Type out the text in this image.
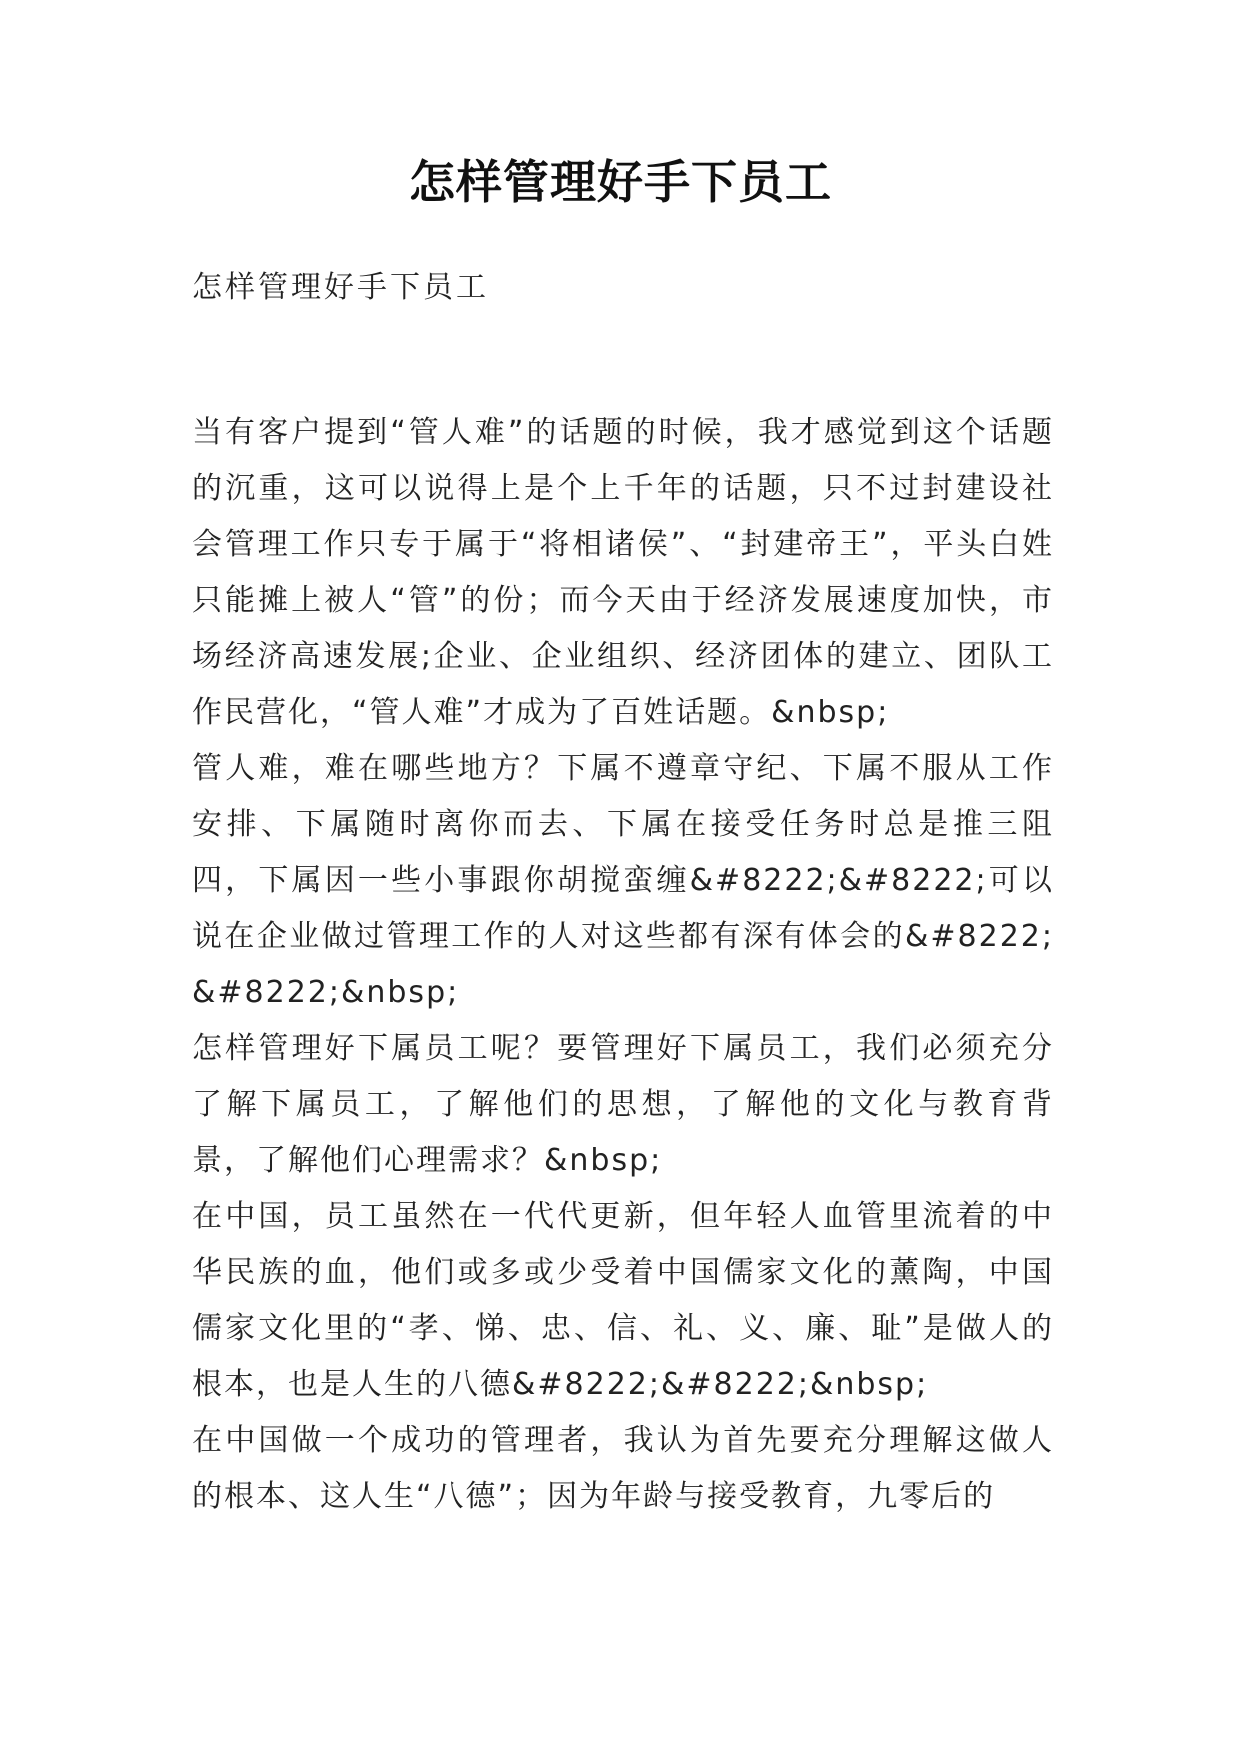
怎样管理好手下员工
怎样管理好手下员工

当有客户提到“管人难”的话题的时候，我才感觉到这个话题的沉重，这可以说得上是个上千年的话题，只不过封建设社会管理工作只专于属于“将相诸侯”、“封建帝王”，平头白姓只能摊上被人“管”的份；而今天由于经济发展速度加快，市场经济高速发展;企业、企业组织、经济团体的建立、团队工作民营化，“管人难”才成为了百姓话题。&nbsp;

管人难，难在哪些地方？下属不遵章守纪、下属不服从工作安排、下属随时离你而去、下属在接受任务时总是推三阻四，下属因一些小事跟你胡搅蛮缠&#8222;&#8222;可以说在企业做过管理工作的人对这些都有深有体会的&#8222;&#8222;&nbsp;

怎样管理好下属员工呢？要管理好下属员工，我们必须充分了解下属员工，了解他们的思想，了解他的文化与教育背景，了解他们心理需求？&nbsp;

在中国，员工虽然在一代代更新，但年轻人血管里流着的中华民族的血，他们或多或少受着中国儒家文化的薰陶，中国儒家文化里的“孝、悌、忠、信、礼、义、廉、耻”是做人的根本，也是人生的八德&#8222;&#8222;&nbsp;

在中国做一个成功的管理者，我认为首先要充分理解这做人的根本、这人生“八德”；因为年龄与接受教育，九零后的
